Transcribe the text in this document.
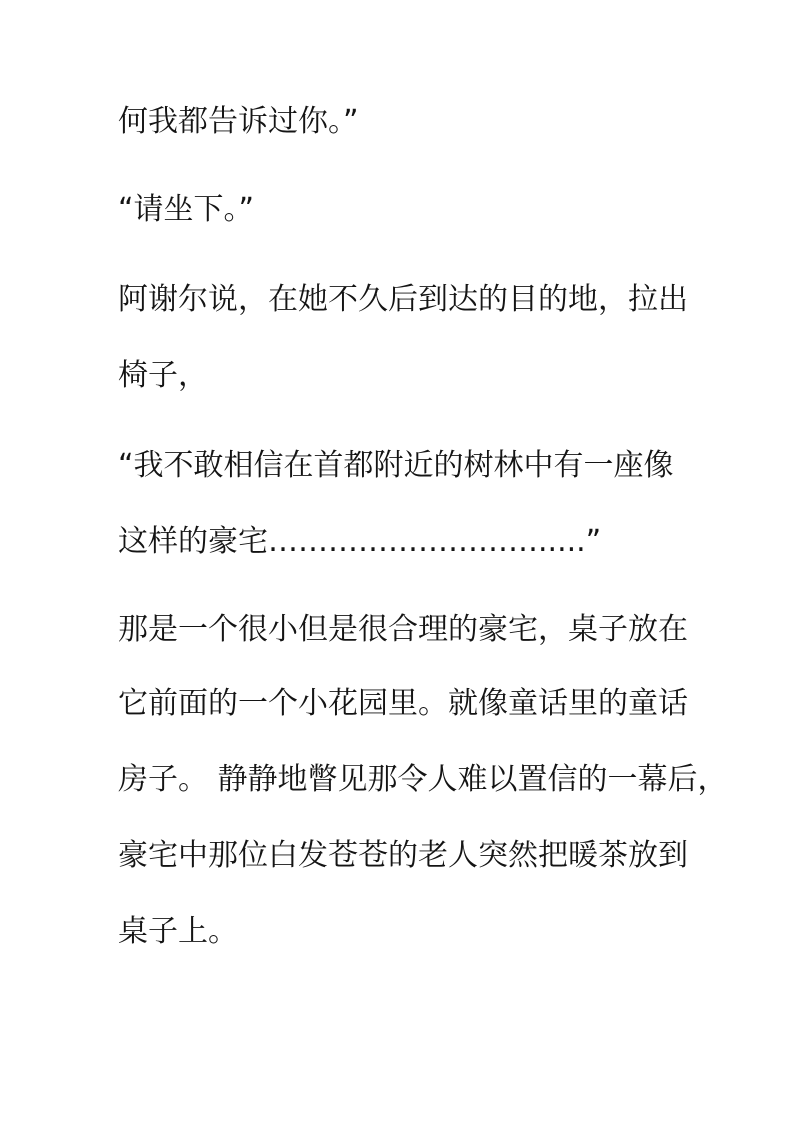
何我都告诉过你。”
“请坐下。”
阿谢尔说，在她不久后到达的目的地，拉出
椅子，
“我不敢相信在首都附近的树林中有一座像
这样的豪宅……………………….....”
那是一个很小但是很合理的豪宅，桌子放在
它前面的一个小花园里。就像童话里的童话
房子。 静静地瞥见那令人难以置信的一幕后，
豪宅中那位白发苍苍的老人突然把暖茶放到
桌子上。
